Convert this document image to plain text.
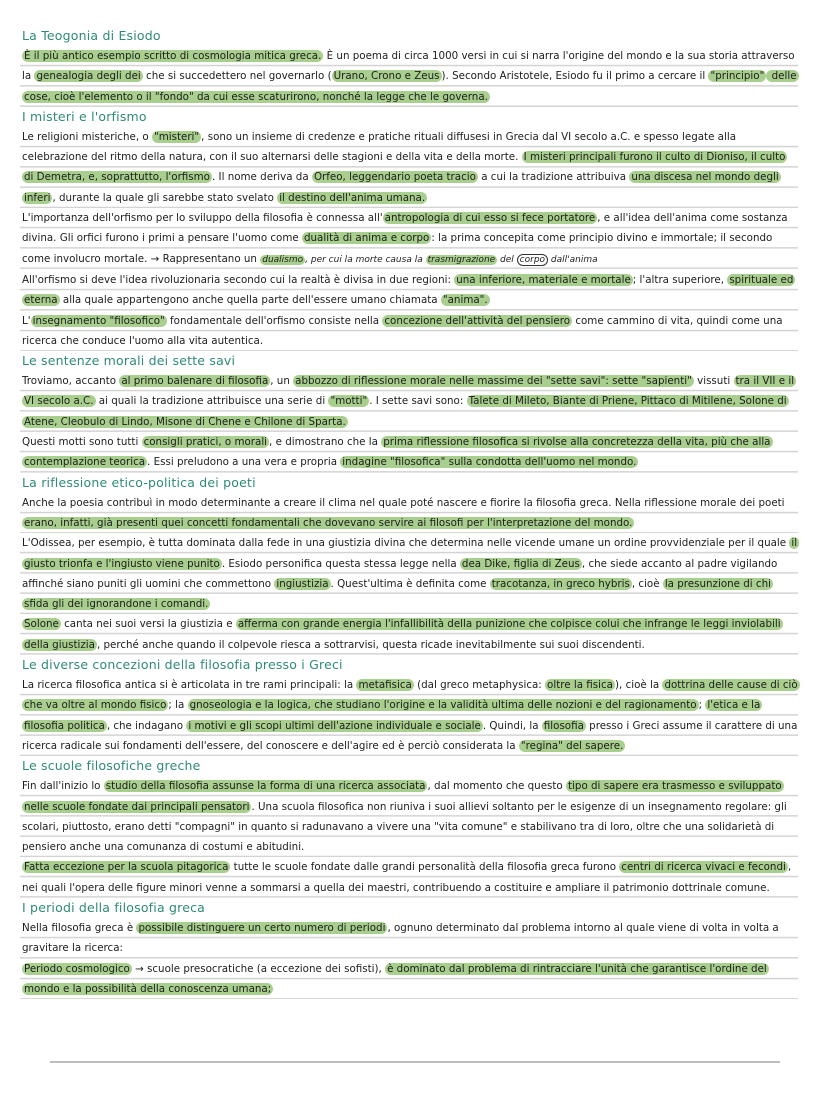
La Teogonia di Esiodo
È il più antico esempio scritto di cosmologia mitica greca. È un poema di circa 1000 versi in cui si narra l'origine del mondo e la sua storia attraverso la genealogia degli dei che si succedettero nel governarlo ( Urano, Crono e Zeus ). Secondo Aristotele, Esiodo fu il primo a cercare il "principio" delle cose, cioè l'elemento o il "fondo" da cui esse scaturirono, nonché la legge che le governa.
I misteri e l'orfismo
Le religioni misteriche, o "misteri" , sono un insieme di credenze e pratiche rituali diffusesi in Grecia dal VI secolo a.C. e spesso legate alla celebrazione del ritmo della natura, con il suo alternarsi delle stagioni e della vita e della morte. I misteri principali furono il culto di Dioniso, il culto di Demetra, e, soprattutto, l'orfismo . Il nome deriva da Orfeo, leggendario poeta tracio a cui la tradizione attribuiva una discesa nel mondo degli inferi , durante la quale gli sarebbe stato svelato il destino dell'anima umana.
L'importanza dell'orfismo per lo sviluppo della filosofia è connessa all' antropologia di cui esso si fece portatore , e all'idea dell'anima come sostanza divina. Gli orfici furono i primi a pensare l'uomo come dualità di anima e corpo : la prima concepita come principio divino e immortale; il secondo come involucro mortale. → Rappresentano un dualismo , per cui la morte causa la trasmigrazione del corpo dall'anima
All'orfismo si deve l'idea rivoluzionaria secondo cui la realtà è divisa in due regioni: una inferiore, materiale e mortale ; l'altra superiore, spirituale ed eterna alla quale appartengono anche quella parte dell'essere umano chiamata "anima".
L' insegnamento "filosofico" fondamentale dell'orfismo consiste nella concezione dell'attività del pensiero come cammino di vita, quindi come una ricerca che conduce l'uomo alla vita autentica.
Le sentenze morali dei sette savi
Troviamo, accanto al primo balenare di filosofia , un abbozzo di riflessione morale nelle massime dei "sette savi": sette "sapienti" vissuti tra il VII e il VI secolo a.C. ai quali la tradizione attribuisce una serie di "motti" . I sette savi sono: Talete di Mileto, Biante di Priene, Pittaco di Mitilene, Solone di Atene, Cleobulo di Lindo, Misone di Chene e Chilone di Sparta.
Questi motti sono tutti consigli pratici, o morali , e dimostrano che la prima riflessione filosofica si rivolse alla concretezza della vita, più che alla contemplazione teorica . Essi preludono a una vera e propria indagine "filosofica" sulla condotta dell'uomo nel mondo.
La riflessione etico-politica dei poeti
Anche la poesia contribuì in modo determinante a creare il clima nel quale poté nascere e fiorire la filosofia greca. Nella riflessione morale dei poeti erano, infatti, già presenti quei concetti fondamentali che dovevano servire ai filosofi per l'interpretazione del mondo.
L'Odissea, per esempio, è tutta dominata dalla fede in una giustizia divina che determina nelle vicende umane un ordine provvidenziale per il quale il giusto trionfa e l'ingiusto viene punito . Esiodo personifica questa stessa legge nella dea Dike, figlia di Zeus , che siede accanto al padre vigilando affinché siano puniti gli uomini che commettono ingiustizia . Quest'ultima è definita come tracotanza, in greco hybris , cioè la presunzione di chi sfida gli dei ignorandone i comandi.
Solone canta nei suoi versi la giustizia e afferma con grande energia l'infallibilità della punizione che colpisce colui che infrange le leggi inviolabili della giustizia , perché anche quando il colpevole riesca a sottrarvisi, questa ricade inevitabilmente sui suoi discendenti.
Le diverse concezioni della filosofia presso i Greci
La ricerca filosofica antica si è articolata in tre rami principali: la metafisica (dal greco metaphysica: oltre la fisica ), cioè la dottrina delle cause di ciò che va oltre al mondo fisico ; la gnoseologia e la logica, che studiano l'origine e la validità ultima delle nozioni e del ragionamento ; l'etica e la filosofia politica , che indagano i motivi e gli scopi ultimi dell'azione individuale e sociale . Quindi, la filosofia presso i Greci assume il carattere di una ricerca radicale sui fondamenti dell'essere, del conoscere e dell'agire ed è perciò considerata la "regina" del sapere.
Le scuole filosofiche greche
Fin dall'inizio lo studio della filosofia assunse la forma di una ricerca associata , dal momento che questo tipo di sapere era trasmesso e sviluppato nelle scuole fondate dai principali pensatori . Una scuola filosofica non riuniva i suoi allievi soltanto per le esigenze di un insegnamento regolare: gli scolari, piuttosto, erano detti "compagni" in quanto si radunavano a vivere una "vita comune" e stabilivano tra di loro, oltre che una solidarietà di pensiero anche una comunanza di costumi e abitudini.
Fatta eccezione per la scuola pitagorica tutte le scuole fondate dalle grandi personalità della filosofia greca furono centri di ricerca vivaci e fecondi , nei quali l'opera delle figure minori venne a sommarsi a quella dei maestri, contribuendo a costituire e ampliare il patrimonio dottrinale comune.
I periodi della filosofia greca
Nella filosofia greca è possibile distinguere un certo numero di periodi , ognuno determinato dal problema intorno al quale viene di volta in volta a gravitare la ricerca:
Periodo cosmologico → scuole presocratiche (a eccezione dei sofisti), è dominato dal problema di rintracciare l'unità che garantisce l'ordine del mondo e la possibilità della conoscenza umana;
